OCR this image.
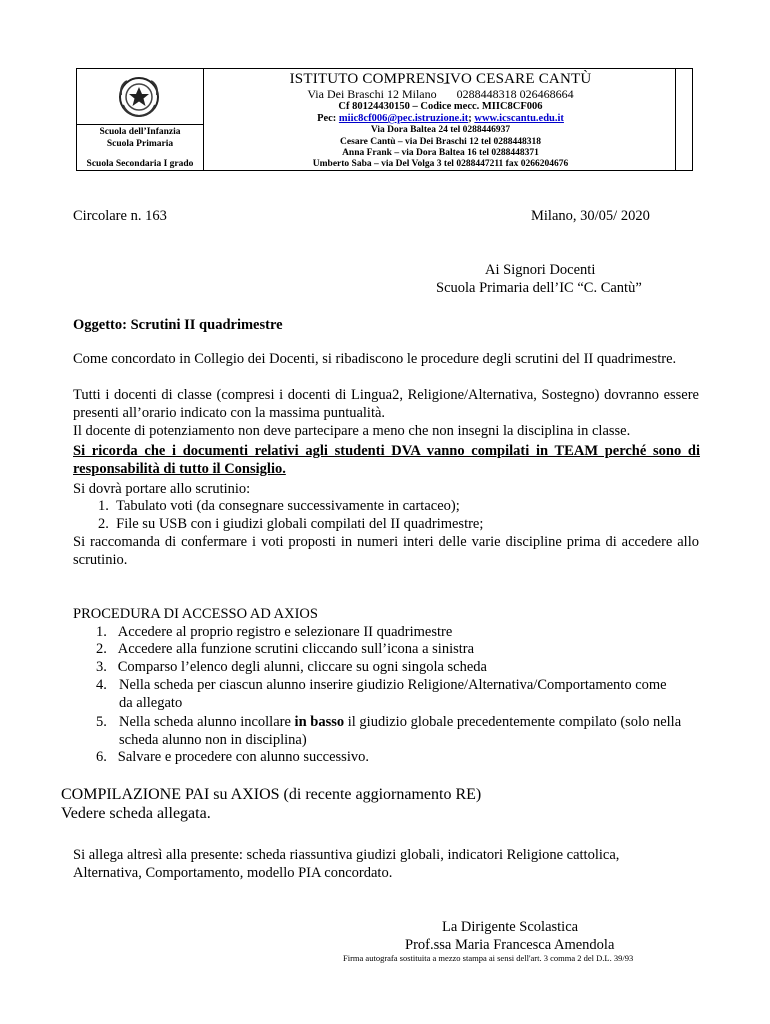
Scuola dell’Infanzia
Scuola Primaria
Scuola Secondaria I grado
ISTITUTO COMPRENSIVO CESARE CANTÙ
Via Dei Braschi 12 Milano 0288448318 026468664
Cf 80124430150 – Codice mecc. MIIC8CF006
Pec: miic8cf006@pec.istruzione.it; www.icscantu.edu.it
Via Dora Baltea 24 tel 0288446937
Cesare Cantù – via Dei Braschi 12 tel 0288448318
Anna Frank – via Dora Baltea 16 tel 0288448371
Umberto Saba – via Del Volga 3 tel 0288447211 fax 0266204676
Circolare n. 163	Milano, 30/05/ 2020
Ai Signori Docenti
Scuola Primaria dell’IC “C. Cantù”
Oggetto: Scrutini II quadrimestre
Come concordato in Collegio dei Docenti, si ribadiscono le procedure degli scrutini del II quadrimestre.
Tutti i docenti di classe (compresi i docenti di Lingua2, Religione/Alternativa, Sostegno) dovranno essere presenti all’orario indicato con la massima puntualità.
Il docente di potenziamento non deve partecipare a meno che non insegni la disciplina in classe.
Si ricorda che i documenti relativi agli studenti DVA vanno compilati in TEAM perché sono di responsabilità di tutto il Consiglio.
Si dovrà portare allo scrutinio:
1.  Tabulato voti (da consegnare successivamente in cartaceo);
2.  File su USB con i giudizi globali compilati del II quadrimestre;
Si raccomanda di confermare i voti proposti in numeri interi delle varie discipline prima di accedere allo scrutinio.
PROCEDURA DI ACCESSO AD AXIOS
1.   Accedere al proprio registro e selezionare II quadrimestre
2.   Accedere alla funzione scrutini cliccando sull’icona a sinistra
3.   Comparso l’elenco degli alunni, cliccare su ogni singola scheda
4. Nella scheda per ciascun alunno inserire giudizio Religione/Alternativa/Comportamento come da allegato
5. Nella scheda alunno incollare in basso il giudizio globale precedentemente compilato (solo nella scheda alunno non in disciplina)
6.   Salvare e procedere con alunno successivo.
COMPILAZIONE PAI su AXIOS (di recente aggiornamento RE)
Vedere scheda allegata.
Si allega altresì alla presente: scheda riassuntiva giudizi globali, indicatori Religione cattolica, Alternativa, Comportamento, modello PIA concordato.
La Dirigente Scolastica
Prof.ssa Maria Francesca Amendola
Firma autografa sostituita a mezzo stampa ai sensi dell'art. 3 comma 2 del D.L. 39/93
